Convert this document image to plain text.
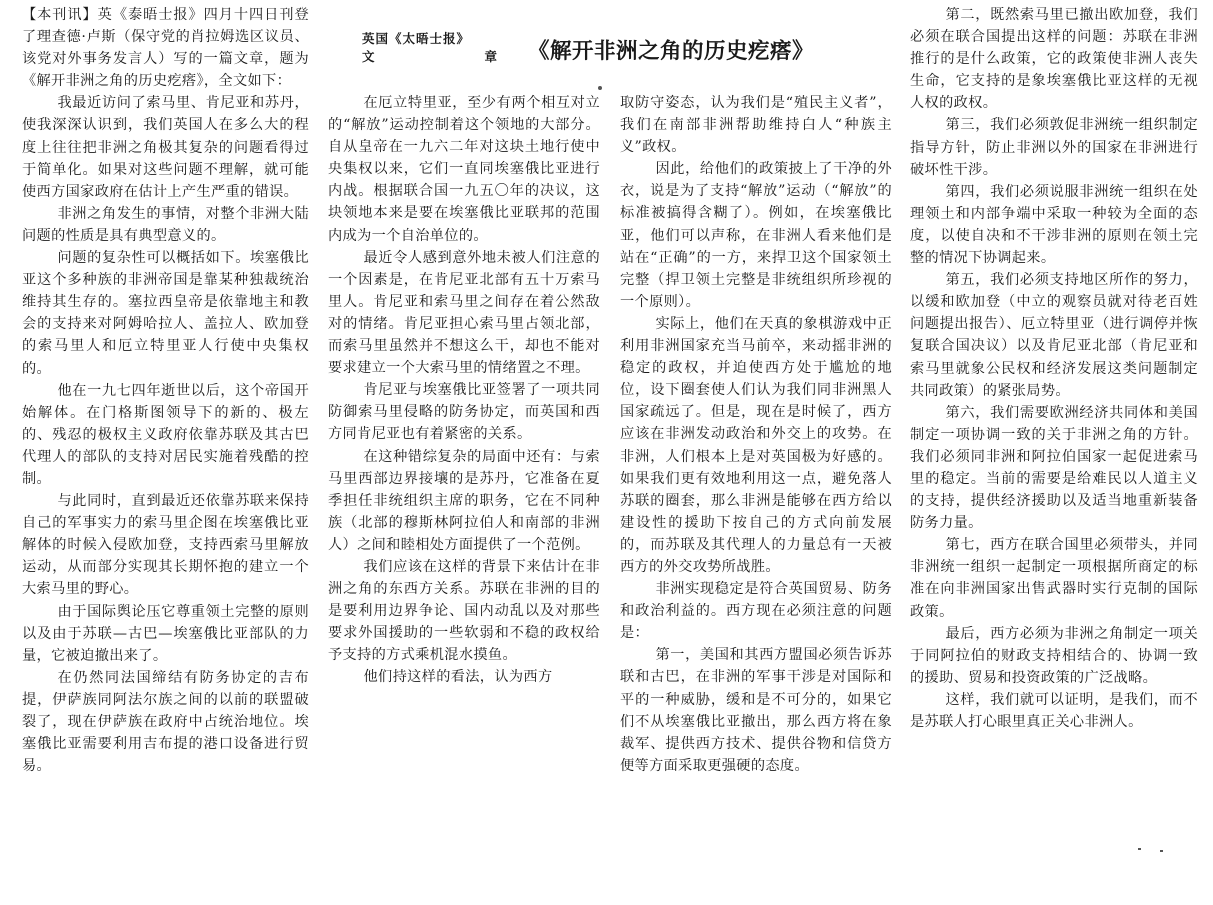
英国《太晤士报》
文	章 《解开非洲之角的历史疙瘩》

【本刊讯】英《泰晤士报》四月十四日刊登了理查德·卢斯（保守党的肖拉姆选区议员、该党对外事务发言人）写的一篇文章，题为《解开非洲之角的历史疙瘩》，全文如下：

我最近访问了索马里、肯尼亚和苏丹，使我深深认识到，我们英国人在多么大的程度上往往把非洲之角极其复杂的问题看得过于简单化。如果对这些问题不理解，就可能使西方国家政府在估计上产生严重的错误。

非洲之角发生的事情，对整个非洲大陆问题的性质是具有典型意义的。

问题的复杂性可以概括如下。埃塞俄比亚这个多种族的非洲帝国是靠某种独裁统治维持其生存的。塞拉西皇帝是依靠地主和教会的支持来对阿姆哈拉人、盖拉人、欧加登的索马里人和厄立特里亚人行使中央集权的。

他在一九七四年逝世以后，这个帝国开始解体。在门格斯图领导下的新的、极左的、残忍的极权主义政府依靠苏联及其古巴代理人的部队的支持对居民实施着残酷的控制。

与此同时，直到最近还依靠苏联来保持自己的军事实力的索马里企图在埃塞俄比亚解体的时候入侵欧加登，支持西索马里解放运动，从而部分实现其长期怀抱的建立一个大索马里的野心。

由于国际舆论压它尊重领土完整的原则以及由于苏联—古巴—埃塞俄比亚部队的力量，它被迫撤出来了。

在仍然同法国缔结有防务协定的吉布提，伊萨族同阿法尔族之间的以前的联盟破裂了，现在伊萨族在政府中占统治地位。埃塞俄比亚需要利用吉布提的港口设备进行贸易。

在厄立特里亚，至少有两个相互对立的“解放”运动控制着这个领地的大部分。自从皇帝在一九六二年对这块土地行使中央集权以来，它们一直同埃塞俄比亚进行内战。根据联合国一九五〇年的决议，这块领地本来是要在埃塞俄比亚联邦的范围内成为一个自治单位的。

最近令人感到意外地未被人们注意的一个因素是，在肯尼亚北部有五十万索马里人。肯尼亚和索马里之间存在着公然敌对的情绪。肯尼亚担心索马里占领北部，而索马里虽然并不想这么干，却也不能对要求建立一个大索马里的情绪置之不理。

肯尼亚与埃塞俄比亚签署了一项共同防御索马里侵略的防务协定，而英国和西方同肯尼亚也有着紧密的关系。

在这种错综复杂的局面中还有：与索马里西部边界接壤的是苏丹，它准备在夏季担任非统组织主席的职务，它在不同种族（北部的穆斯林阿拉伯人和南部的非洲人）之间和睦相处方面提供了一个范例。

我们应该在这样的背景下来估计在非洲之角的东西方关系。苏联在非洲的目的是要利用边界争论、国内动乱以及对那些要求外国援助的一些软弱和不稳的政权给予支持的方式乘机混水摸鱼。

他们持这样的看法，认为西方

取防守姿态，认为我们是“殖民主义者”，我们在南部非洲帮助维持白人“种族主义”政权。

因此，给他们的政策披上了干净的外衣，说是为了支持“解放”运动（“解放”的标准被搞得含糊了）。例如，在埃塞俄比亚，他们可以声称，在非洲人看来他们是站在“正确”的一方，来捍卫这个国家领土完整（捍卫领土完整是非统组织所珍视的一个原则）。

实际上，他们在天真的象棋游戏中正利用非洲国家充当马前卒，来动摇非洲的稳定的政权，并迫使西方处于尴尬的地位，设下圈套使人们认为我们同非洲黑人国家疏远了。但是，现在是时候了，西方应该在非洲发动政治和外交上的攻势。在非洲，人们根本上是对英国极为好感的。如果我们更有效地利用这一点，避免落人苏联的圈套，那么非洲是能够在西方给以建设性的援助下按自己的方式向前发展的，而苏联及其代理人的力量总有一天被西方的外交攻势所战胜。

非洲实现稳定是符合英国贸易、防务和政治利益的。西方现在必须注意的问题是：

第一，美国和其西方盟国必须告诉苏联和古巴，在非洲的军事干涉是对国际和平的一种威胁，缓和是不可分的，如果它们不从埃塞俄比亚撤出，那么西方将在象裁军、提供西方技术、提供谷物和信贷方便等方面采取更强硬的态度。

第二，既然索马里已撤出欧加登，我们必须在联合国提出这样的问题：苏联在非洲推行的是什么政策，它的政策使非洲人丧失生命，它支持的是象埃塞俄比亚这样的无视人权的政权。

第三，我们必须敦促非洲统一组织制定指导方针，防止非洲以外的国家在非洲进行破坏性干涉。

第四，我们必须说服非洲统一组织在处理领土和内部争端中采取一种较为全面的态度，以使自决和不干涉非洲的原则在领土完整的情况下协调起来。

第五，我们必须支持地区所作的努力，以缓和欧加登（中立的观察员就对待老百姓问题提出报告）、厄立特里亚（进行调停并恢复联合国决议）以及肯尼亚北部（肯尼亚和索马里就象公民权和经济发展这类问题制定共同政策）的紧张局势。

第六，我们需要欧洲经济共同体和美国制定一项协调一致的关于非洲之角的方针。我们必须同非洲和阿拉伯国家一起促进索马里的稳定。当前的需要是给难民以人道主义的支持，提供经济援助以及适当地重新装备防务力量。

第七，西方在联合国里必须带头，并同非洲统一组织一起制定一项根据所商定的标准在向非洲国家出售武器时实行克制的国际政策。

最后，西方必须为非洲之角制定一项关于同阿拉伯的财政支持相结合的、协调一致的援助、贸易和投资政策的广泛战略。

这样，我们就可以证明，是我们，而不是苏联人打心眼里真正关心非洲人。
